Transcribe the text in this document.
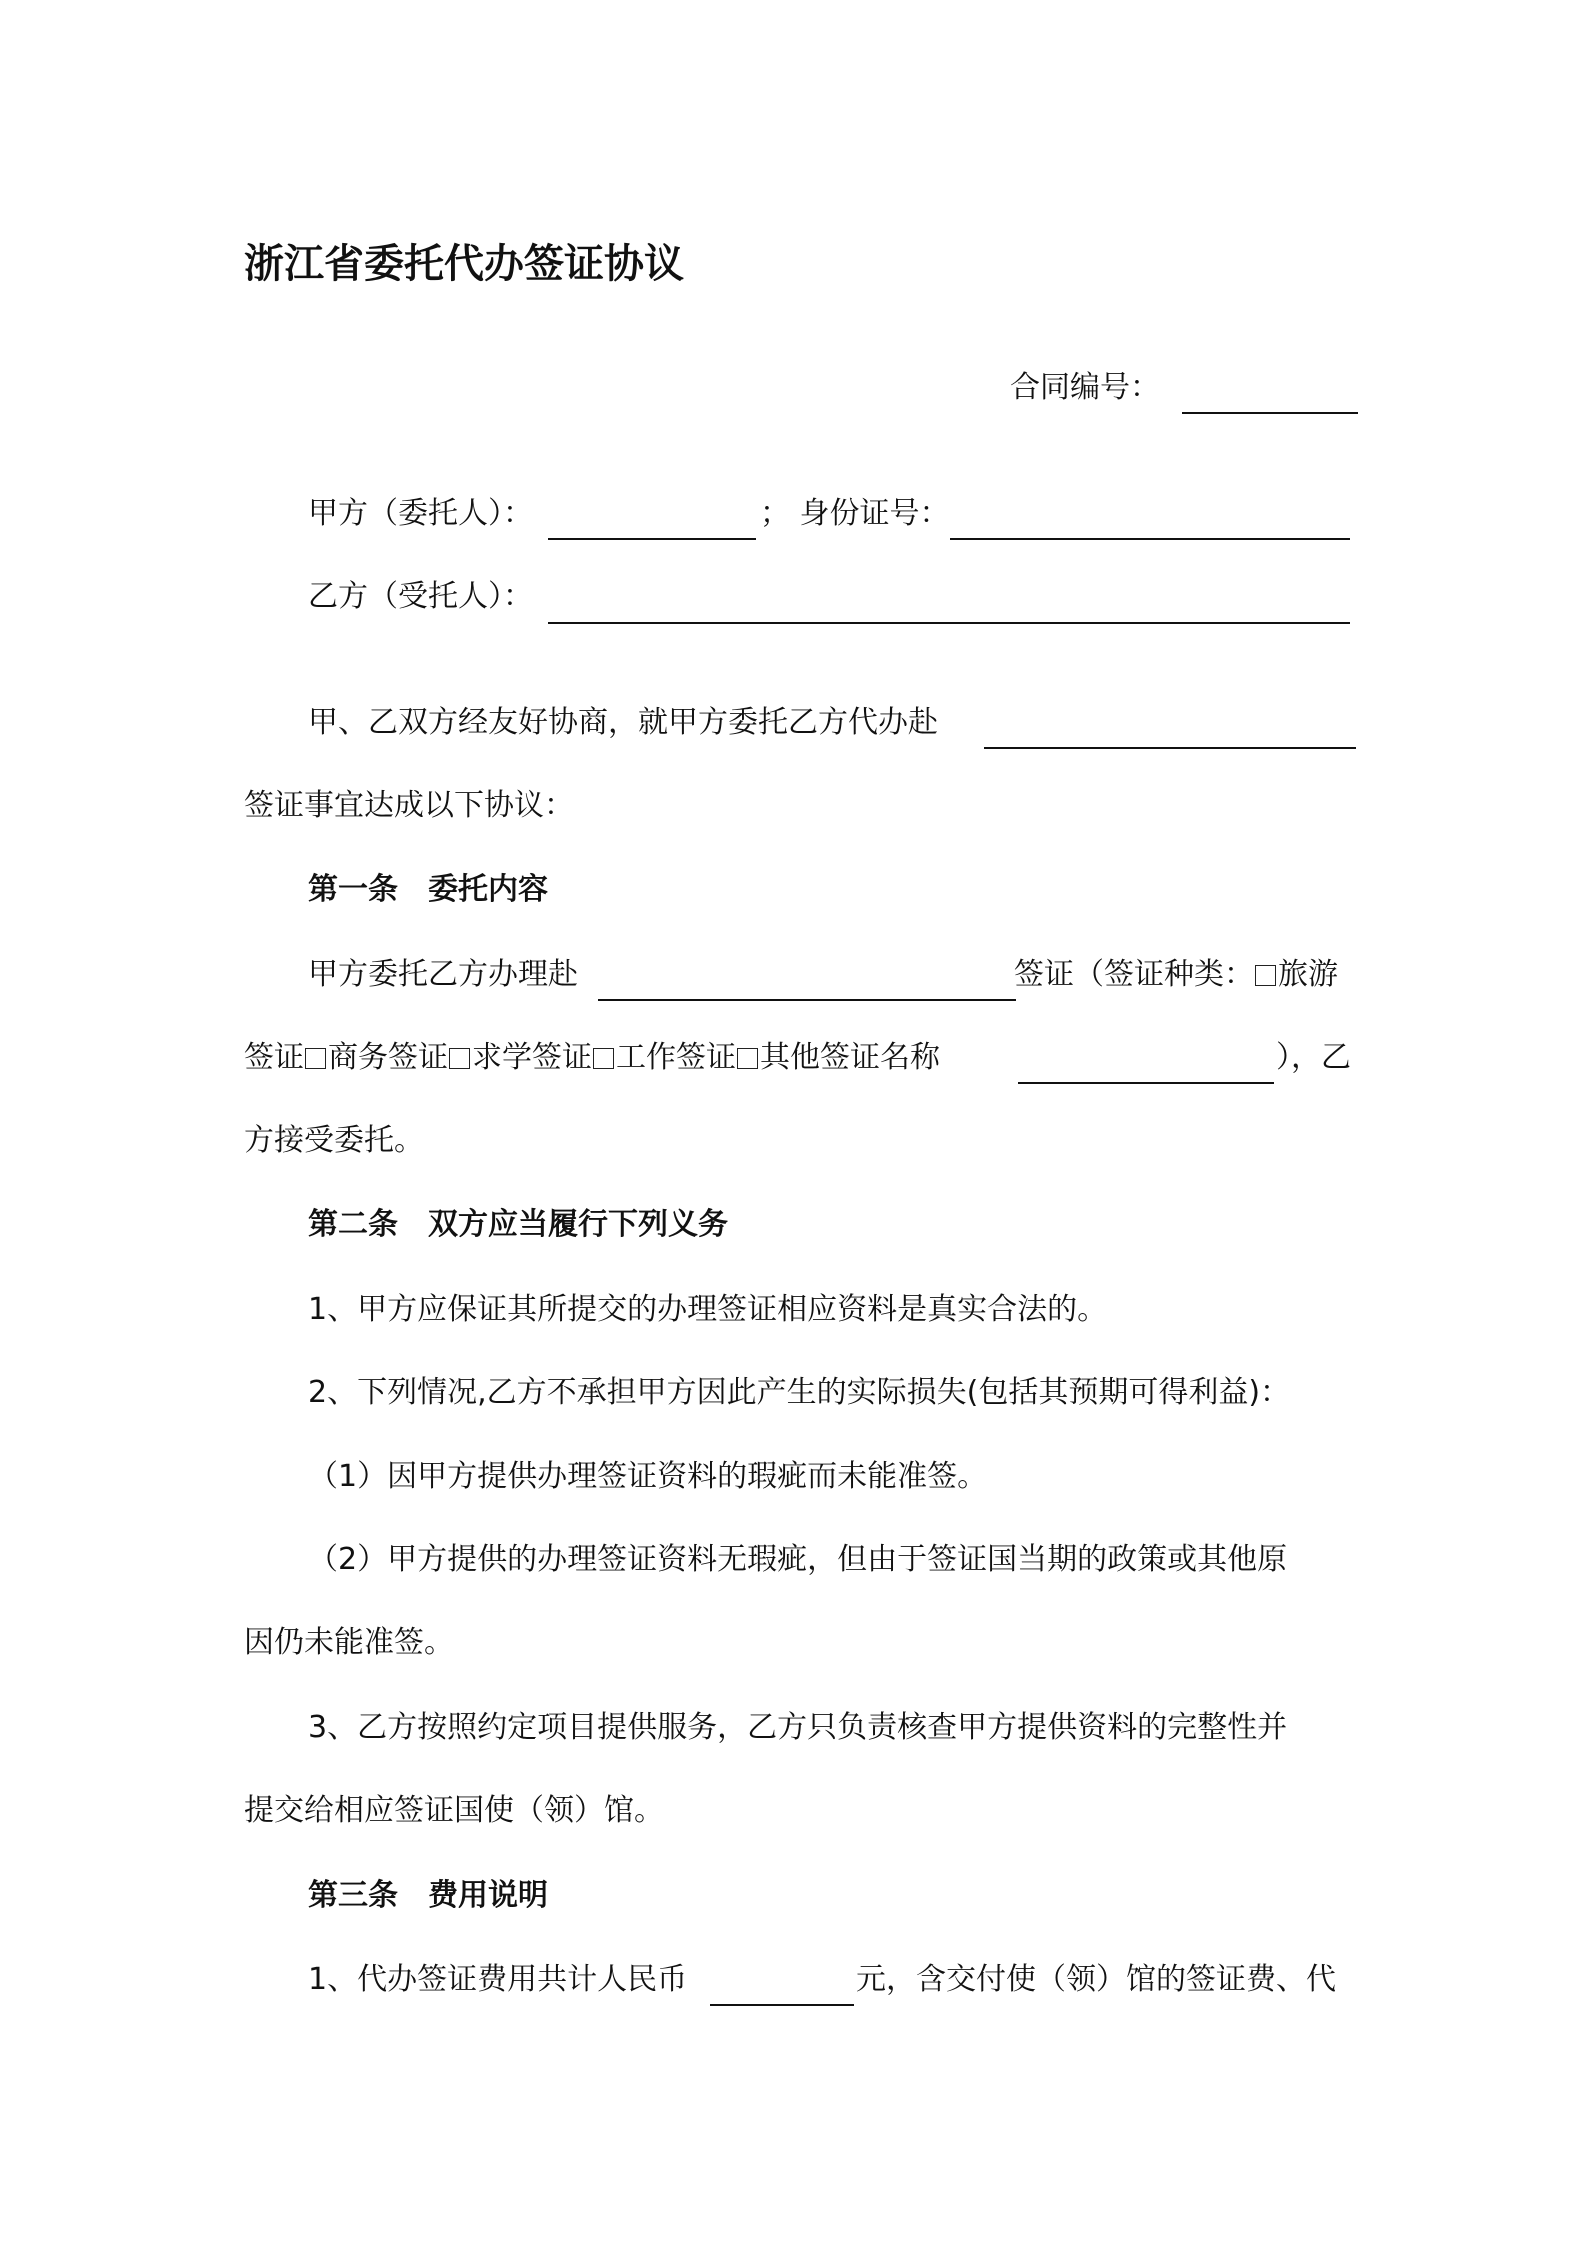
浙江省委托代办签证协议
合同编号：
甲方（委托人）：	； 身份证号：
乙方（受托人）：
甲、乙双方经友好协商，就甲方委托乙方代办赴
签证事宜达成以下协议：
第一条　委托内容
甲方委托乙方办理赴	签证（签证种类： 旅游
签证 商务签证 求学签证 工作签证 其他签证名称	），乙
方接受委托。
第二条　双方应当履行下列义务
1、甲方应保证其所提交的办理签证相应资料是真实合法的。
2、下列情况,乙方不承担甲方因此产生的实际损失(包括其预期可得利益)：
（1）因甲方提供办理签证资料的瑕疵而未能准签。
（2）甲方提供的办理签证资料无瑕疵，但由于签证国当期的政策或其他原
因仍未能准签。
3、乙方按照约定项目提供服务，乙方只负责核查甲方提供资料的完整性并
提交给相应签证国使（领）馆。
第三条　费用说明
1、代办签证费用共计人民币	元，含交付使（领）馆的签证费、代
